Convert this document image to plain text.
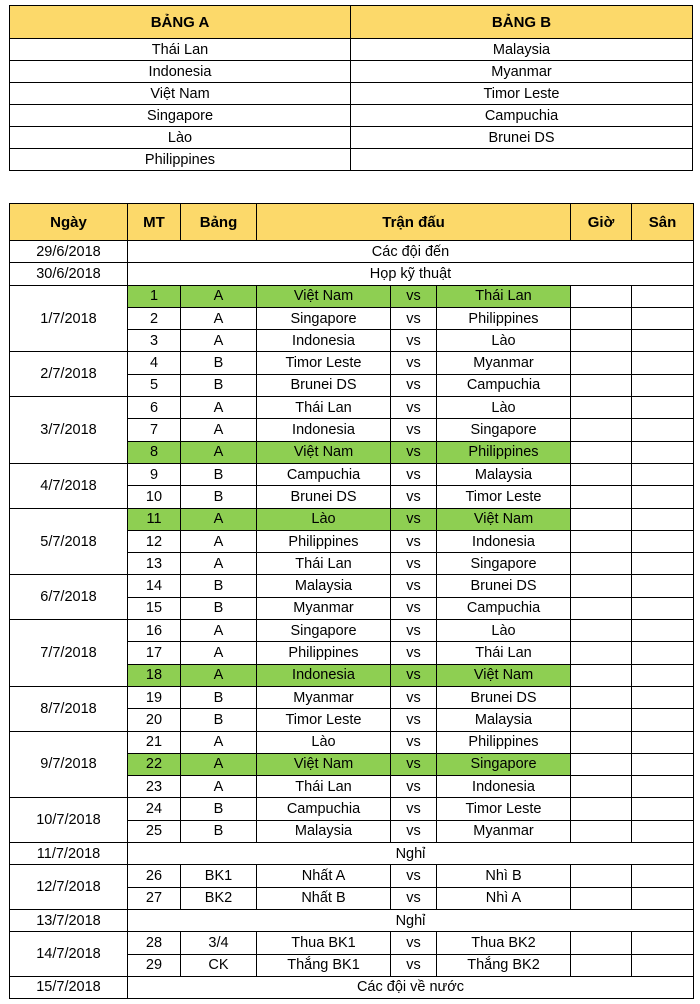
BẢNG A	BẢNG B
Thái Lan	Malaysia
Indonesia	Myanmar
Việt Nam	Timor Leste
Singapore	Campuchia
Lào	Brunei DS
Philippines	
Ngày	MT	Bảng	Trận đấu			Giờ	Sân
29/6/2018	Các đội đến						
30/6/2018	Họp kỹ thuật						
1/7/2018	1	A	Việt Nam	vs	Thái Lan		
	2	A	Singapore	vs	Philippines		
	3	A	Indonesia	vs	Lào		
2/7/2018	4	B	Timor Leste	vs	Myanmar		
	5	B	Brunei DS	vs	Campuchia		
3/7/2018	6	A	Thái Lan	vs	Lào		
	7	A	Indonesia	vs	Singapore		
	8	A	Việt Nam	vs	Philippines		
4/7/2018	9	B	Campuchia	vs	Malaysia		
	10	B	Brunei DS	vs	Timor Leste		
5/7/2018	11	A	Lào	vs	Việt Nam		
	12	A	Philippines	vs	Indonesia		
	13	A	Thái Lan	vs	Singapore		
6/7/2018	14	B	Malaysia	vs	Brunei DS		
	15	B	Myanmar	vs	Campuchia		
7/7/2018	16	A	Singapore	vs	Lào		
	17	A	Philippines	vs	Thái Lan		
	18	A	Indonesia	vs	Việt Nam		
8/7/2018	19	B	Myanmar	vs	Brunei DS		
	20	B	Timor Leste	vs	Malaysia		
9/7/2018	21	A	Lào	vs	Philippines		
	22	A	Việt Nam	vs	Singapore		
	23	A	Thái Lan	vs	Indonesia		
10/7/2018	24	B	Campuchia	vs	Timor Leste		
	25	B	Malaysia	vs	Myanmar		
11/7/2018	Nghỉ						
12/7/2018	26	BK1	Nhất A	vs	Nhì B		
	27	BK2	Nhất B	vs	Nhì A		
13/7/2018	Nghỉ						
14/7/2018	28	3/4	Thua BK1	vs	Thua BK2		
	29	CK	Thắng BK1	vs	Thắng BK2		
15/7/2018	Các đội về nước						
